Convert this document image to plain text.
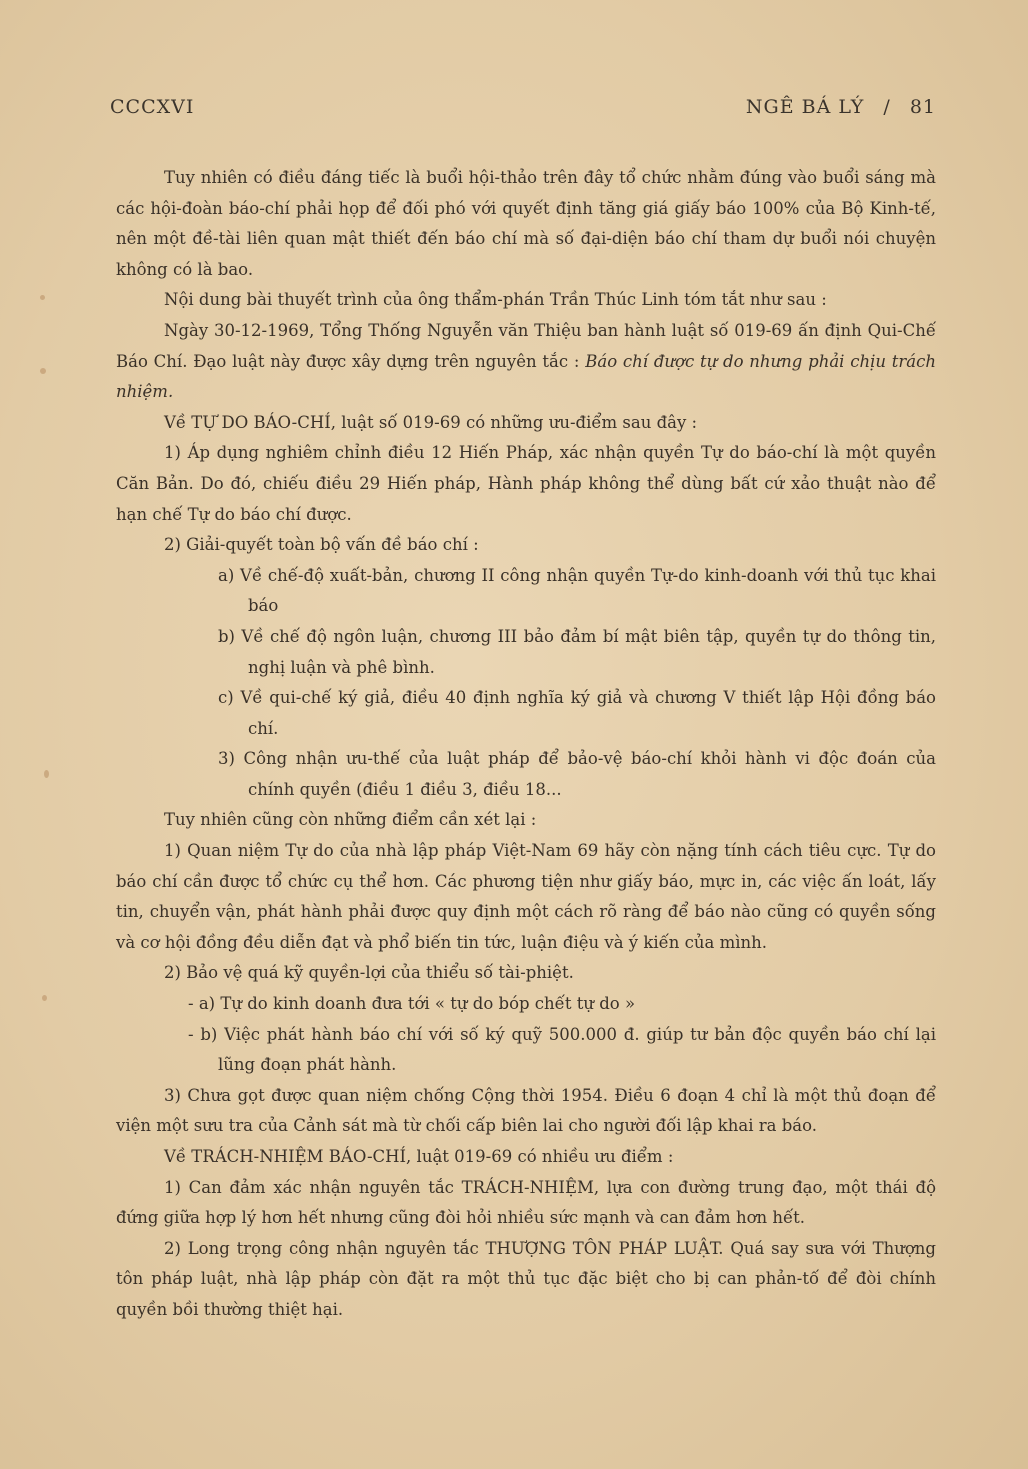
CCCXVI	NGÊ BÁ LÝ / 81

Tuy nhiên có điều đáng tiếc là buổi hội-thảo trên đây tổ chức nhằm đúng vào buổi sáng mà các hội-đoàn báo-chí phải họp để đối phó với quyết định tăng giá giấy báo 100% của Bộ Kinh-tế, nên một đề-tài liên quan mật thiết đến báo chí mà số đại-diện báo chí tham dự buổi nói chuyện không có là bao.

Nội dung bài thuyết trình của ông thẩm-phán Trần Thúc Linh tóm tắt như sau :

Ngày 30-12-1969, Tổng Thống Nguyễn văn Thiệu ban hành luật số 019-69 ấn định Qui-Chế Báo Chí. Đạo luật này được xây dựng trên nguyên tắc : Báo chí được tự do nhưng phải chịu trách nhiệm.

Về TỰ DO BÁO-CHÍ, luật số 019-69 có những ưu-điểm sau đây :

1) Áp dụng nghiêm chỉnh điều 12 Hiến Pháp, xác nhận quyền Tự do báo-chí là một quyền Căn Bản. Do đó, chiếu điều 29 Hiến pháp, Hành pháp không thể dùng bất cứ xảo thuật nào để hạn chế Tự do báo chí được.

2) Giải-quyết toàn bộ vấn đề báo chí :

a) Về chế-độ xuất-bản, chương II công nhận quyền Tự-do kinh-doanh với thủ tục khai báo

b) Về chế độ ngôn luận, chương III bảo đảm bí mật biên tập, quyền tự do thông tin, nghị luận và phê bình.

c) Về qui-chế ký giả, điều 40 định nghĩa ký giả và chương V thiết lập Hội đồng báo chí.

3) Công nhận ưu-thế của luật pháp để bảo-vệ báo-chí khỏi hành vi độc đoán của chính quyền (điều 1 điều 3, điều 18...

Tuy nhiên cũng còn những điểm cần xét lại :

1) Quan niệm Tự do của nhà lập pháp Việt-Nam 69 hãy còn nặng tính cách tiêu cực. Tự do báo chí cần được tổ chức cụ thể hơn. Các phương tiện như giấy báo, mực in, các việc ấn loát, lấy tin, chuyển vận, phát hành phải được quy định một cách rõ ràng để báo nào cũng có quyền sống và cơ hội đồng đều diễn đạt và phổ biến tin tức, luận điệu và ý kiến của mình.

2) Bảo vệ quá kỹ quyền-lợi của thiểu số tài-phiệt.

- a) Tự do kinh doanh đưa tới « tự do bóp chết tự do »

- b) Việc phát hành báo chí với số ký quỹ 500.000 đ. giúp tư bản độc quyền báo chí lại lũng đoạn phát hành.

3) Chưa gọt được quan niệm chống Cộng thời 1954. Điều 6 đoạn 4 chỉ là một thủ đoạn để viện một sưu tra của Cảnh sát mà từ chối cấp biên lai cho người đối lập khai ra báo.

Về TRÁCH-NHIỆM BÁO-CHÍ, luật 019-69 có nhiều ưu điểm :

1) Can đảm xác nhận nguyên tắc TRÁCH-NHIỆM, lựa con đường trung đạo, một thái độ đứng giữa hợp lý hơn hết nhưng cũng đòi hỏi nhiều sức mạnh và can đảm hơn hết.

2) Long trọng công nhận nguyên tắc THƯỢNG TÔN PHÁP LUẬT. Quá say sưa với Thượng tôn pháp luật, nhà lập pháp còn đặt ra một thủ tục đặc biệt cho bị can phản-tố để đòi chính quyền bồi thường thiệt hại.
